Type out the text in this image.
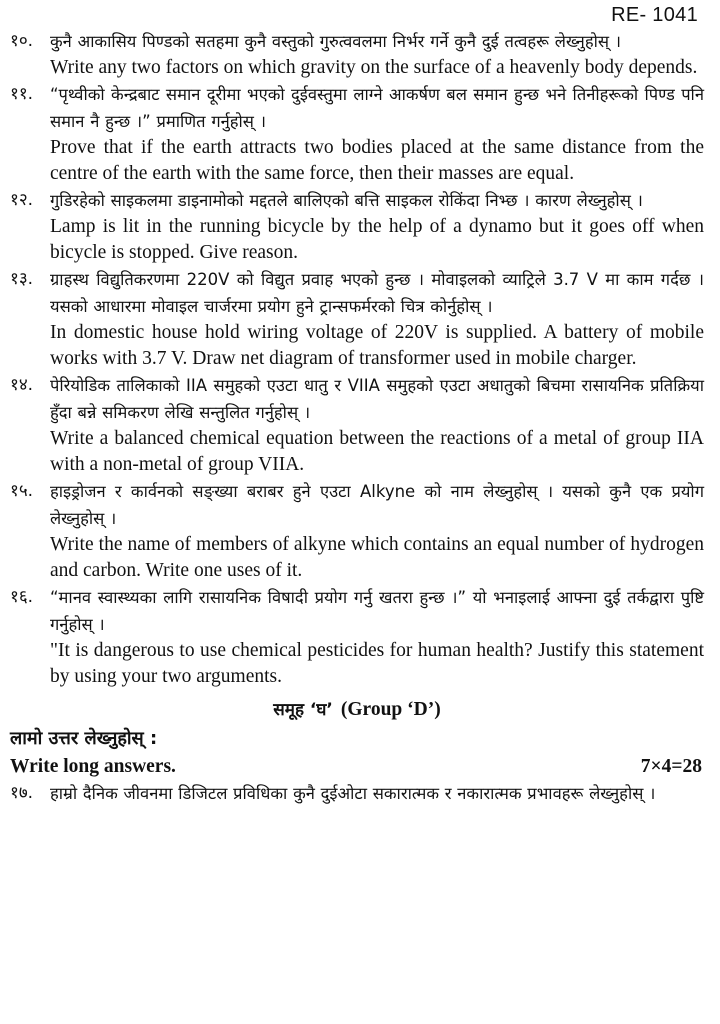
RE- 1041
१०.	कुनै आकासिय पिण्डको सतहमा कुनै वस्तुको गुरुत्ववलमा निर्भर गर्ने कुनै दुई तत्वहरू लेख्नुहोस् ।

Write any two factors on which gravity on the surface of a heavenly body depends.

११.	“पृथ्वीको केन्द्रबाट समान दूरीमा भएको दुईवस्तुमा लाग्ने आकर्षण बल समान हुन्छ भने तिनीहरूको पिण्ड पनि समान नै हुन्छ ।” प्रमाणित गर्नुहोस् ।

Prove that if the earth attracts two bodies placed at the same distance from the centre of the earth with the same force, then their masses are equal.

१२.	गुडिरहेको साइकलमा डाइनामोको मद्दतले बालिएको बत्ति साइकल रोकिंदा निभ्छ । कारण लेख्नुहोस् ।

Lamp is lit in the running bicycle by the help of a dynamo but it goes off when bicycle is stopped. Give reason.

१३.	ग्राहस्थ विद्युतिकरणमा 220V को विद्युत प्रवाह भएको हुन्छ । मोवाइलको व्याट्रिले 3.7 V मा काम गर्दछ । यसको आधारमा मोवाइल चार्जरमा प्रयोग हुने ट्रान्सफर्मरको चित्र कोर्नुहोस् ।

In domestic house hold wiring voltage of 220V is supplied. A battery of mobile works with 3.7 V. Draw net diagram of transformer used in mobile charger.

१४.	पेरियोडिक तालिकाको IIA समुहको एउटा धातु र VIIA समुहको एउटा अधातुको बिचमा रासायनिक प्रतिक्रिया हुँदा बन्ने समिकरण लेखि सन्तुलित गर्नुहोस् ।

Write a balanced chemical equation between the reactions of a metal of group IIA with a non-metal of group VIIA.

१५.	हाइड्रोजन र कार्वनको सङ्ख्या बराबर हुने एउटा Alkyne को नाम लेख्नुहोस् । यसको कुनै एक प्रयोग लेख्नुहोस् ।

Write the name of members of alkyne which contains an equal number of hydrogen and carbon. Write one uses of it.

१६.	“मानव स्वास्थ्यका लागि रासायनिक विषादी प्रयोग गर्नु खतरा हुन्छ ।” यो भनाइलाई आफ्ना दुई तर्कद्वारा पुष्टि गर्नुहोस् ।

"It is dangerous to use chemical pesticides for human health? Justify this statement by using your two arguments.

समूह ‘घ’ (Group ‘D’)
लामो उत्तर लेख्नुहोस् :
Write long answers.	7×4=28
१७.	हाम्रो दैनिक जीवनमा डिजिटल प्रविधिका कुनै दुईओटा सकारात्मक र नकारात्मक प्रभावहरू लेख्नुहोस् ।
